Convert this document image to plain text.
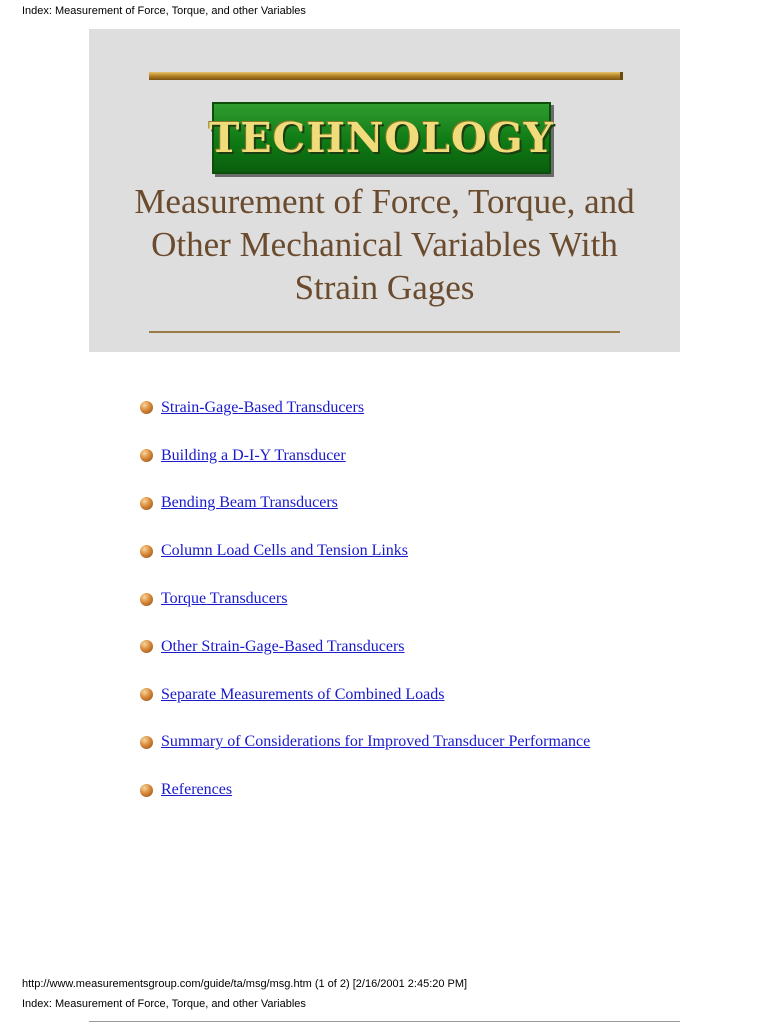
Index: Measurement of Force, Torque, and other Variables
TECHNOLOGY
Measurement of Force, Torque, and
Other Mechanical Variables With
Strain Gages
Strain-Gage-Based Transducers
Building a D-I-Y Transducer
Bending Beam Transducers
Column Load Cells and Tension Links
Torque Transducers
Other Strain-Gage-Based Transducers
Separate Measurements of Combined Loads
Summary of Considerations for Improved Transducer Performance
References
http://www.measurementsgroup.com/guide/ta/msg/msg.htm (1 of 2) [2/16/2001 2:45:20 PM]
Index: Measurement of Force, Torque, and other Variables
